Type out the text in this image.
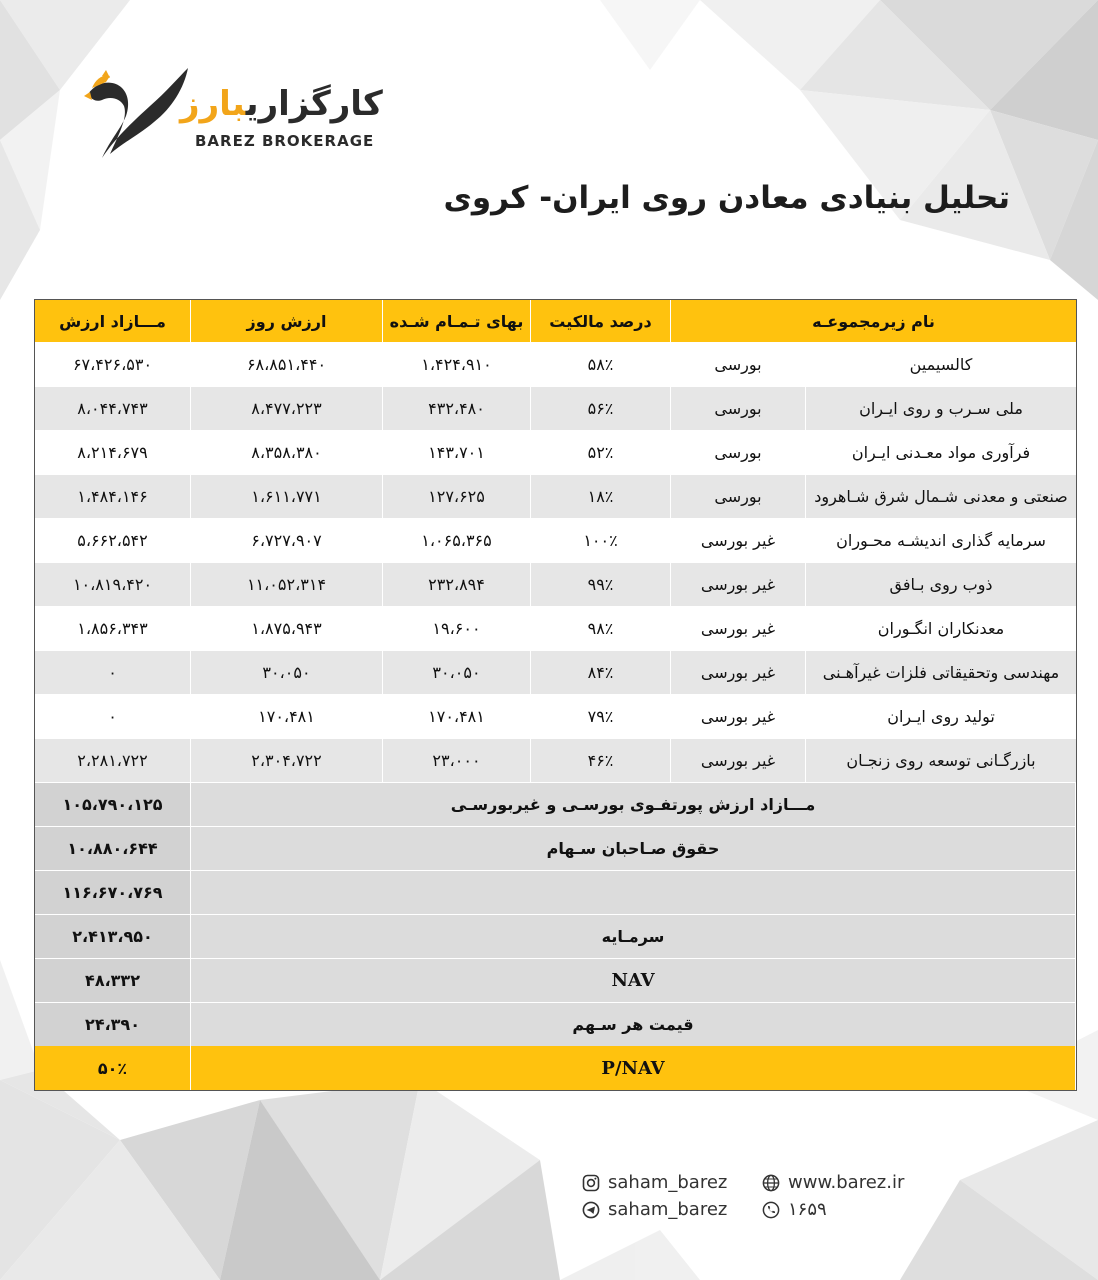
کارگزاریبارز
BAREZ BROKERAGE
تحلیل بنیادی معادن روی ایران- کروی
مـــازاد ارزش	ارزش روز	بهای تـمـام شـده	درصد مالکیت	نام زیرمجموعـه
۶۷،۴۲۶،۵۳۰	۶۸،۸۵۱،۴۴۰	۱،۴۲۴،۹۱۰	۵۸٪	بورسی	کالسیمین
۸،۰۴۴،۷۴۳	۸،۴۷۷،۲۲۳	۴۳۲،۴۸۰	۵۶٪	بورسی	ملی سـرب و روی ایـران
۸،۲۱۴،۶۷۹	۸،۳۵۸،۳۸۰	۱۴۳،۷۰۱	۵۲٪	بورسی	فرآوری مواد معـدنی ایـران
۱،۴۸۴،۱۴۶	۱،۶۱۱،۷۷۱	۱۲۷،۶۲۵	۱۸٪	بورسی	صنعتی و معدنی شـمال شرق شـاهرود
۵،۶۶۲،۵۴۲	۶،۷۲۷،۹۰۷	۱،۰۶۵،۳۶۵	۱۰۰٪	غیر بورسی	سرمایه گذاری اندیشـه محـوران
۱۰،۸۱۹،۴۲۰	۱۱،۰۵۲،۳۱۴	۲۳۲،۸۹۴	۹۹٪	غیر بورسی	ذوب روی بـافق
۱،۸۵۶،۳۴۳	۱،۸۷۵،۹۴۳	۱۹،۶۰۰	۹۸٪	غیر بورسی	معدنکاران انگـوران
۰	۳۰،۰۵۰	۳۰،۰۵۰	۸۴٪	غیر بورسی	مهندسی وتحقیقاتی فلزات غیرآهـنی
۰	۱۷۰،۴۸۱	۱۷۰،۴۸۱	۷۹٪	غیر بورسی	تولید روی ایـران
۲،۲۸۱،۷۲۲	۲،۳۰۴،۷۲۲	۲۳،۰۰۰	۴۶٪	غیر بورسی	بازرگـانی توسعه روی زنجـان
۱۰۵،۷۹۰،۱۲۵	مـــازاد ارزش پورتفـوی بورسـی و غیربورسـی
۱۰،۸۸۰،۶۴۴	حقوق صـاحبان سـهام
۱۱۶،۶۷۰،۷۶۹
۲،۴۱۳،۹۵۰	سرمـایه
۴۸،۳۳۲	NAV
۲۴،۳۹۰	قیمت هر سـهم
۵۰٪	P/NAV
saham_barez
saham_barez
www.barez.ir
۱۶۵۹
